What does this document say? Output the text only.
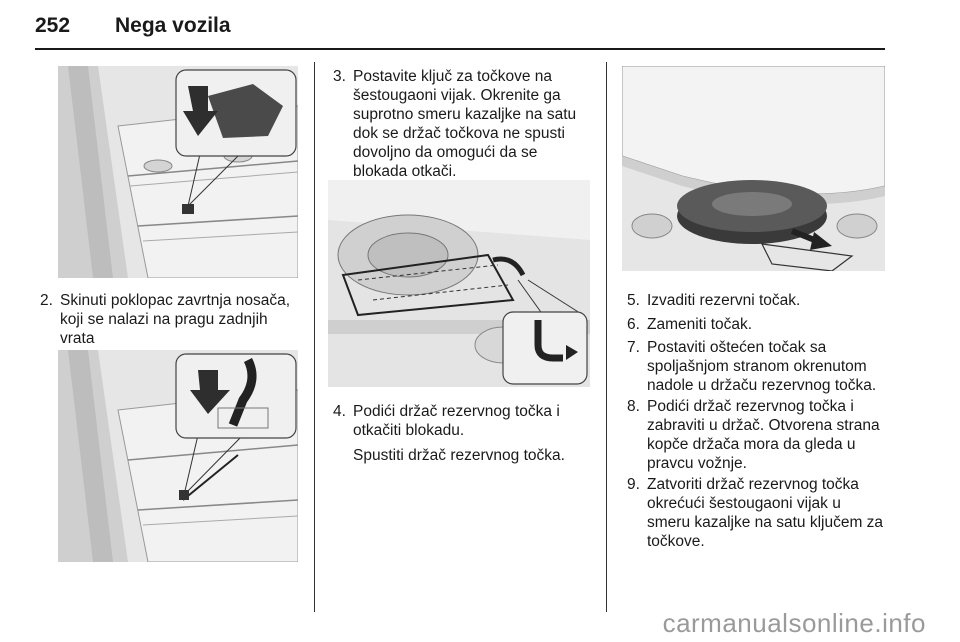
252 Nega vozila
2. Skinuti poklopac zavrtnja nosača,
koji se nalazi na pragu zadnjih
vrata
3. Postavite ključ za točkove na
šestougaoni vijak. Okrenite ga
suprotno smeru kazaljke na satu
dok se držač točkova ne spusti
dovoljno da omogući da se
blokada otkači.
4. Podići držač rezervnog točka i
otkačiti blokadu.
Spustiti držač rezervnog točka.
5. Izvaditi rezervni točak.
6. Zameniti točak.
7. Postaviti oštećen točak sa
spoljašnjom stranom okrenutom
nadole u držaču rezervnog točka.
8. Podići držač rezervnog točka i
zabraviti u držač. Otvorena strana
kopče držača mora da gleda u
pravcu vožnje.
9. Zatvoriti držač rezervnog točka
okrećući šestougaoni vijak u
smeru kazaljke na satu ključem za
točkove.
carmanualsonline.info
